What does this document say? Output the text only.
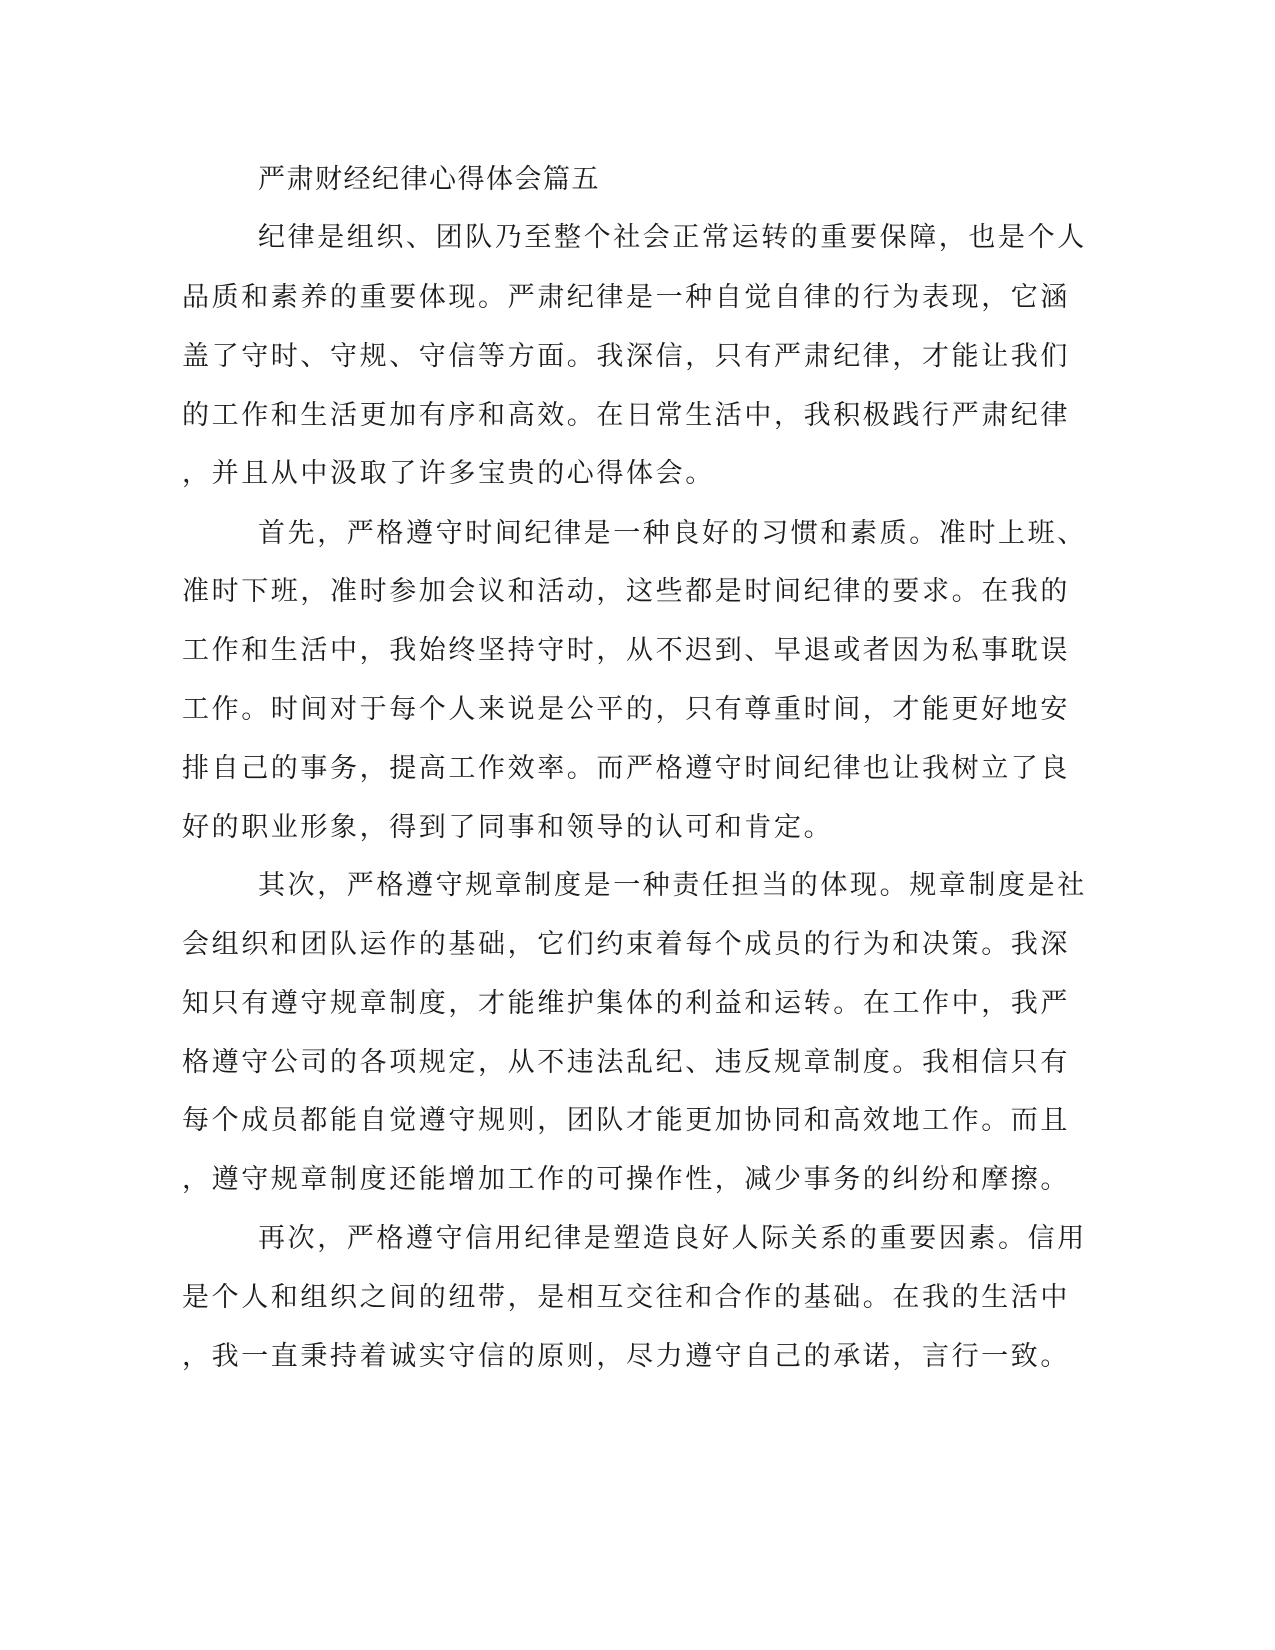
严肃财经纪律心得体会篇五
纪律是组织、团队乃至整个社会正常运转的重要保障，也是个人
品质和素养的重要体现。严肃纪律是一种自觉自律的行为表现，它涵
盖了守时、守规、守信等方面。我深信，只有严肃纪律，才能让我们
的工作和生活更加有序和高效。在日常生活中，我积极践行严肃纪律
，并且从中汲取了许多宝贵的心得体会。
首先，严格遵守时间纪律是一种良好的习惯和素质。准时上班、
准时下班，准时参加会议和活动，这些都是时间纪律的要求。在我的
工作和生活中，我始终坚持守时，从不迟到、早退或者因为私事耽误
工作。时间对于每个人来说是公平的，只有尊重时间，才能更好地安
排自己的事务，提高工作效率。而严格遵守时间纪律也让我树立了良
好的职业形象，得到了同事和领导的认可和肯定。
其次，严格遵守规章制度是一种责任担当的体现。规章制度是社
会组织和团队运作的基础，它们约束着每个成员的行为和决策。我深
知只有遵守规章制度，才能维护集体的利益和运转。在工作中，我严
格遵守公司的各项规定，从不违法乱纪、违反规章制度。我相信只有
每个成员都能自觉遵守规则，团队才能更加协同和高效地工作。而且
，遵守规章制度还能增加工作的可操作性，减少事务的纠纷和摩擦。
再次，严格遵守信用纪律是塑造良好人际关系的重要因素。信用
是个人和组织之间的纽带，是相互交往和合作的基础。在我的生活中
，我一直秉持着诚实守信的原则，尽力遵守自己的承诺，言行一致。
